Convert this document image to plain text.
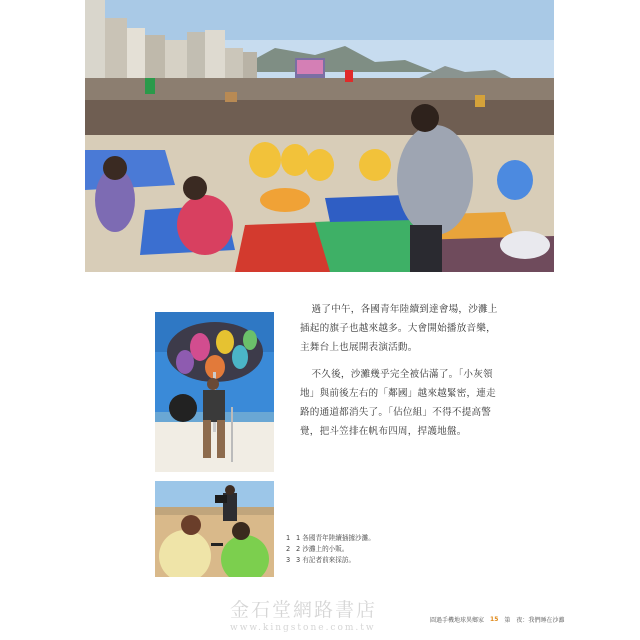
過了中午，各國青年陸續到達會場，沙灘上插起的旗子也越來越多。大會開始播放音樂，主舞台上也展開表演活動。

不久後，沙灘幾乎完全被佔滿了。「小灰領地」與前後左右的「鄰國」越來越緊密，連走路的通道都消失了。「佔位組」不得不提高警覺，把斗笠排在帆布四周，捍護地盤。

1 1 各國青年陸續插據沙灘。
2 2 沙灘上的小販。
3 3 有記者前來採訪。
金石堂網路書店
www.kingstone.com.tw
圓過手機地球異鄉家 15 第　夜：我們睡在沙灘
